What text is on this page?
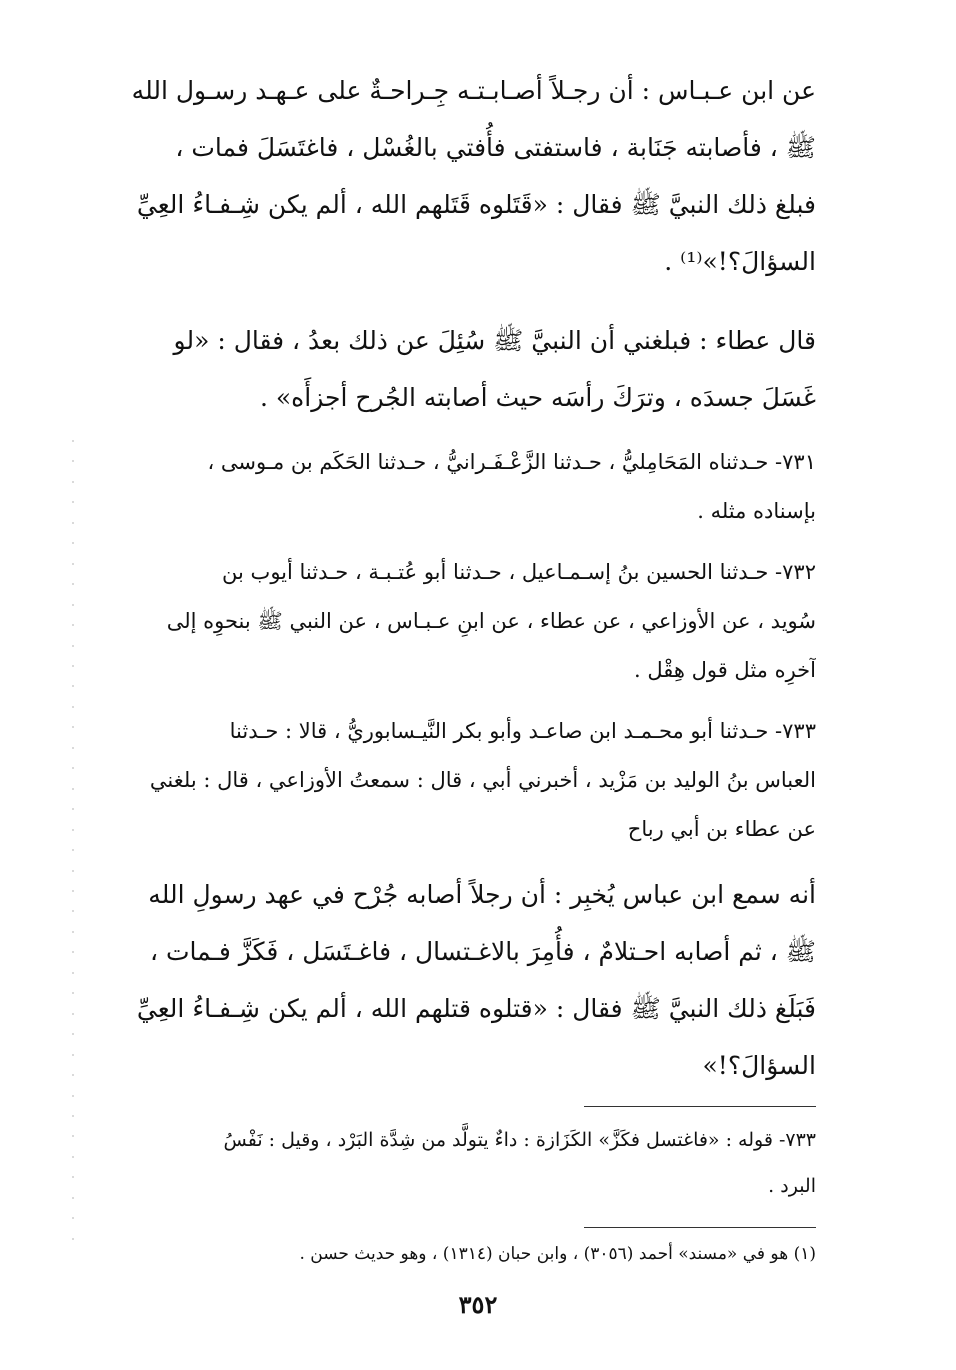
عن ابن عـبـاس : أن رجـلاً أصـابـتـه جِـراحـةٌ على عـهـد رسـول الله
ﷺ ، فأصابته جَنَابة ، فاستفتى فأُفتي بالغُسْل ، فاغتَسَلَ فمات ،
فبلغ ذلك النبيَّ ﷺ فقال : «قَتَلوه قَتَلهم الله ، ألم يكن شِـفـاءُ العِيِّ
السؤالَ؟!»⁽¹⁾ .
قال عطاء : فبلغني أن النبيَّ ﷺ سُئِلَ عن ذلك بعدُ ، فقال : «لو
غَسَلَ جسدَه ، وترَكَ رأسَه حيث أصابته الجُرح أجزأَه» .
٧٣١- حـدثناه المَحَامِليُّ ، حـدثنا الزَّعْـفَـرانيُّ ، حـدثنا الحَكَم بن مـوسى ،
بإسناده مثله .
٧٣٢- حـدثنا الحسين بنُ إسـمـاعيل ، حـدثنا أبو عُتـبـة ، حـدثنا أيوب بن
سُويد ، عن الأوزاعي ، عن عطاء ، عن ابنِ عـبـاس ، عن النبي ﷺ بنحوِه إلى
آخرِه مثل قول هِقْل .
٧٣٣- حـدثنا أبو محـمـد ابن صاعـد وأبو بكر النَّيـسابوريُّ ، قالا : حـدثنا
العباس بنُ الوليد بن مَزْيد ، أخبرني أبي ، قال : سمعتُ الأوزاعي ، قال : بلغني
عن عطاء بن أبي رباح
أنه سمع ابن عباس يُخبِر : أن رجلاً أصابه جُرْح في عهد رسولِ الله
ﷺ ، ثم أصابه احـتلامٌ ، فأُمِرَ بالاغـتسال ، فاغـتَسَل ، فَكَزَّ فـمات ،
فَبَلَغ ذلك النبيَّ ﷺ فقال : «قتلوه قتلهم الله ، ألم يكن شِـفـاءُ العِيِّ
السؤالَ؟!»
٧٣٣- قوله : «فاغتسل فكَزَّ» الكَزَازة : داءٌ يتولَّد من شِدَّة البَرْد ، وقيل : نَفْسُ
البرد .
(١) هو في «مسند» أحمد (٣٠٥٦) ، وابن حبان (١٣١٤) ، وهو حديث حسن .
٣٥٢
